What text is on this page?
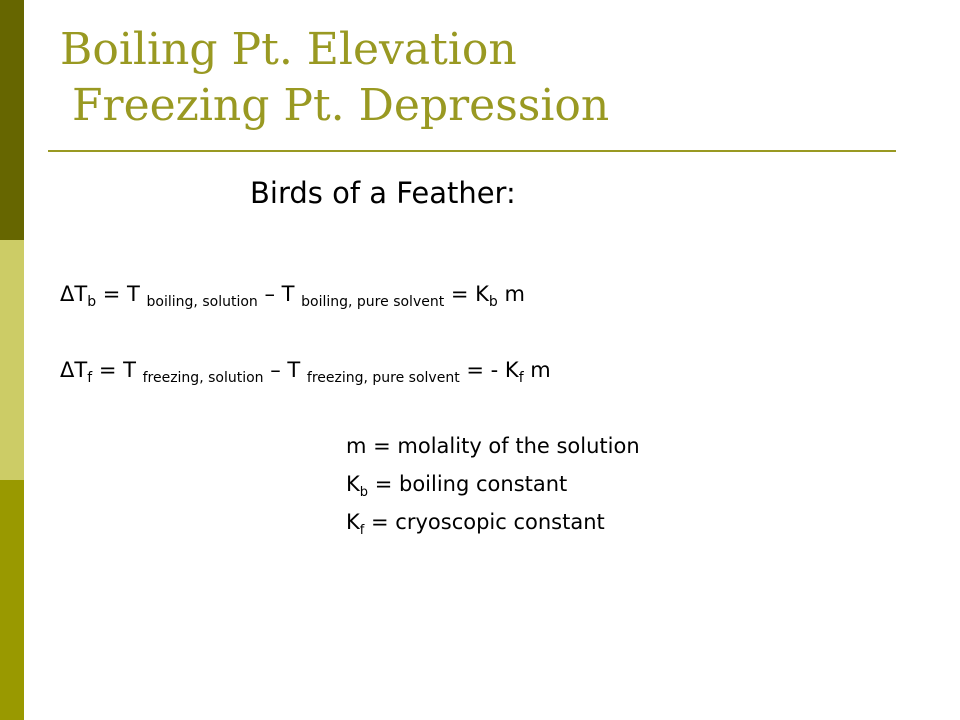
Boiling Pt. Elevation
Freezing Pt. Depression
Birds of a Feather:
$\Delta T_b = T$ $_{boiling, solution}$ – T $_{boiling, pure solvent} = K_b$ m
$\Delta T_f = T$ $_{freezing, solution}$ – T $_{freezing, pure solvent}$ = - $K_f$ m
m = molality of the solution
$K_b$ = boiling constant
$K_f$ = cryoscopic constant
